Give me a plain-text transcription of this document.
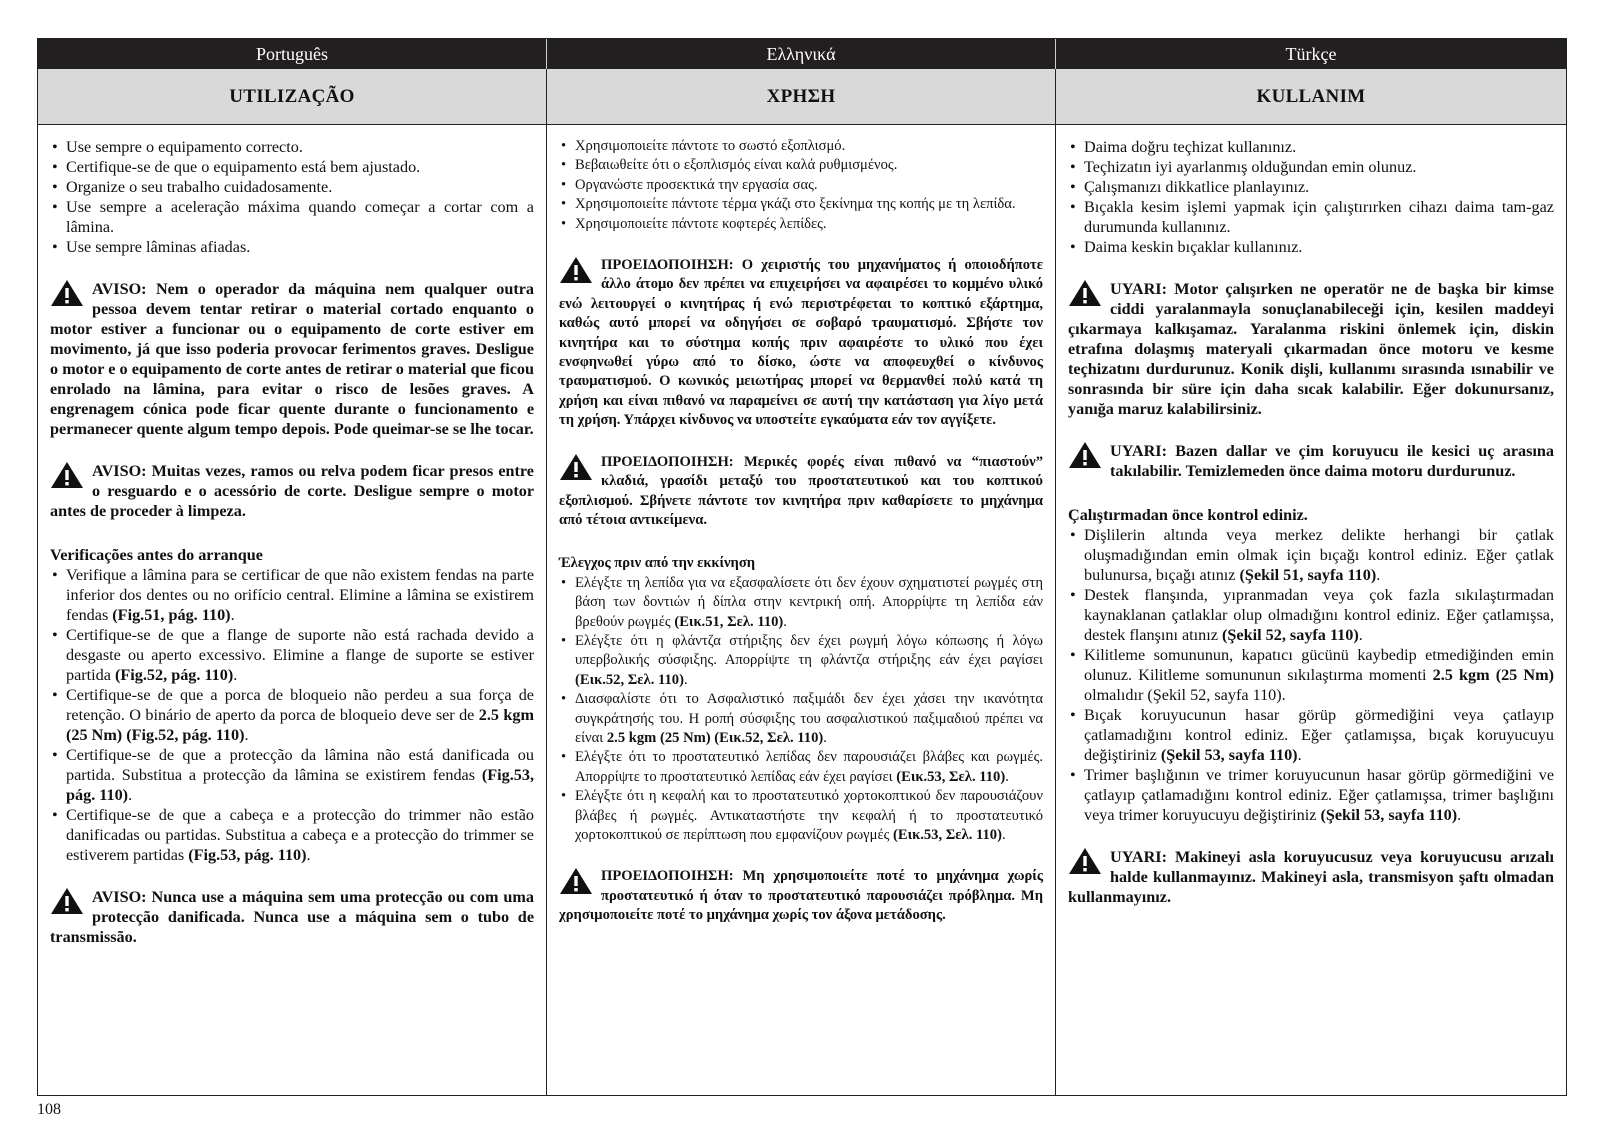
Português	Ελληνικά	Türkçe
UTILIZAÇÃO	ΧΡΗΣΗ	KULLANIM
• Use sempre o equipamento correcto.
• Certifique-se de que o equipamento está bem ajustado.
• Organize o seu trabalho cuidadosamente.
• Use sempre a aceleração máxima quando começar a cortar com a lâmina.
• Use sempre lâminas afiadas.
AVISO: Nem o operador da máquina nem qualquer outra pessoa devem tentar retirar o material cortado enquanto o motor estiver a funcionar ou o equipamento de corte estiver em movimento, já que isso poderia provocar ferimentos graves. Desligue o motor e o equipamento de corte antes de retirar o material que ficou enrolado na lâmina, para evitar o risco de lesões graves. A engrenagem cónica pode ficar quente durante o funcionamento e permanecer quente algum tempo depois. Pode queimar-se se lhe tocar.
AVISO: Muitas vezes, ramos ou relva podem ficar presos entre o resguardo e o acessório de corte. Desligue sempre o motor antes de proceder à limpeza.
Verificações antes do arranque
• Verifique a lâmina para se certificar de que não existem fendas na parte inferior dos dentes ou no orifício central. Elimine a lâmina se existirem fendas (Fig.51, pág. 110).
• Certifique-se de que a flange de suporte não está rachada devido a desgaste ou aperto excessivo. Elimine a flange de suporte se estiver partida (Fig.52, pág. 110).
• Certifique-se de que a porca de bloqueio não perdeu a sua força de retenção. O binário de aperto da porca de bloqueio deve ser de 2.5 kgm (25 Nm) (Fig.52, pág. 110).
• Certifique-se de que a protecção da lâmina não está danificada ou partida. Substitua a protecção da lâmina se existirem fendas (Fig.53, pág. 110).
• Certifique-se de que a cabeça e a protecção do trimmer não estão danificadas ou partidas. Substitua a cabeça e a protecção do trimmer se estiverem partidas (Fig.53, pág. 110).
AVISO: Nunca use a máquina sem uma protecção ou com uma protecção danificada. Nunca use a máquina sem o tubo de transmissão.
• Χρησιμοποιείτε πάντοτε το σωστό εξοπλισμό.
• Βεβαιωθείτε ότι ο εξοπλισμός είναι καλά ρυθμισμένος.
• Οργανώστε προσεκτικά την εργασία σας.
• Χρησιμοποιείτε πάντοτε τέρμα γκάζι στο ξεκίνημα της κοπής με τη λεπίδα.
• Χρησιμοποιείτε πάντοτε κοφτερές λεπίδες.
ΠΡΟΕΙΔΟΠΟΙΗΣΗ: Ο χειριστής του μηχανήματος ή οποιοδήποτε άλλο άτομο δεν πρέπει να επιχειρήσει να αφαιρέσει το κομμένο υλικό ενώ λειτουργεί ο κινητήρας ή ενώ περιστρέφεται το κοπτικό εξάρτημα, καθώς αυτό μπορεί να οδηγήσει σε σοβαρό τραυματισμό. Σβήστε τον κινητήρα και το σύστημα κοπής πριν αφαιρέστε το υλικό που έχει ενσφηνωθεί γύρω από το δίσκο, ώστε να αποφευχθεί ο κίνδυνος τραυματισμού. Ο κωνικός μειωτήρας μπορεί να θερμανθεί πολύ κατά τη χρήση και είναι πιθανό να παραμείνει σε αυτή την κατάσταση για λίγο μετά τη χρήση. Υπάρχει κίνδυνος να υποστείτε εγκαύματα εάν τον αγγίξετε.
ΠΡΟΕΙΔΟΠΟΙΗΣΗ: Μερικές φορές είναι πιθανό να “πιαστούν” κλαδιά, γρασίδι μεταξύ του προστατευτικού και του κοπτικού εξοπλισμού. Σβήνετε πάντοτε τον κινητήρα πριν καθαρίσετε το μηχάνημα από τέτοια αντικείμενα.
Έλεγχος πριν από την εκκίνηση
• Ελέγξτε τη λεπίδα για να εξασφαλίσετε ότι δεν έχουν σχηματιστεί ρωγμές στη βάση των δοντιών ή δίπλα στην κεντρική οπή. Απορρίψτε τη λεπίδα εάν βρεθούν ρωγμές (Εικ.51, Σελ. 110).
• Ελέγξτε ότι η φλάντζα στήριξης δεν έχει ρωγμή λόγω κόπωσης ή λόγω υπερβολικής σύσφιξης. Απορρίψτε τη φλάντζα στήριξης εάν έχει ραγίσει (Εικ.52, Σελ. 110).
• Διασφαλίστε ότι το Ασφαλιστικό παξιμάδι δεν έχει χάσει την ικανότητα συγκράτησής του. Η ροπή σύσφιξης του ασφαλιστικού παξιμαδιού πρέπει να είναι 2.5 kgm (25 Nm) (Εικ.52, Σελ. 110).
• Ελέγξτε ότι το προστατευτικό λεπίδας δεν παρουσιάζει βλάβες και ρωγμές. Απορρίψτε το προστατευτικό λεπίδας εάν έχει ραγίσει (Εικ.53, Σελ. 110).
• Ελέγξτε ότι η κεφαλή και το προστατευτικό χορτοκοπτικού δεν παρουσιάζουν βλάβες ή ρωγμές. Αντικαταστήστε την κεφαλή ή το προστατευτικό χορτοκοπτικού σε περίπτωση που εμφανίζουν ρωγμές (Εικ.53, Σελ. 110).
ΠΡΟΕΙΔΟΠΟΙΗΣΗ: Μη χρησιμοποιείτε ποτέ το μηχάνημα χωρίς προστατευτικό ή όταν το προστατευτικό παρουσιάζει πρόβλημα. Μη χρησιμοποιείτε ποτέ το μηχάνημα χωρίς τον άξονα μετάδοσης.
• Daima doğru teçhizat kullanınız.
• Teçhizatın iyi ayarlanmış olduğundan emin olunuz.
• Çalışmanızı dikkatlice planlayınız.
• Bıçakla kesim işlemi yapmak için çalıştırırken cihazı daima tam-gaz durumunda kullanınız.
• Daima keskin bıçaklar kullanınız.
UYARI: Motor çalışırken ne operatör ne de başka bir kimse ciddi yaralanmayla sonuçlanabileceği için, kesilen maddeyi çıkarmaya kalkışamaz. Yaralanma riskini önlemek için, diskin etrafına dolaşmış materyali çıkarmadan önce motoru ve kesme teçhizatını durdurunuz. Konik dişli, kullanımı sırasında ısınabilir ve sonrasında bir süre için daha sıcak kalabilir. Eğer dokunursanız, yanığa maruz kalabilirsiniz.
UYARI: Bazen dallar ve çim koruyucu ile kesici uç arasına takılabilir. Temizlemeden önce daima motoru durdurunuz.
Çalıştırmadan önce kontrol ediniz.
• Dişlilerin altında veya merkez delikte herhangi bir çatlak oluşmadığından emin olmak için bıçağı kontrol ediniz. Eğer çatlak bulunursa, bıçağı atınız (Şekil 51, sayfa 110).
• Destek flanşında, yıpranmadan veya çok fazla sıkılaştırmadan kaynaklanan çatlaklar olup olmadığını kontrol ediniz. Eğer çatlamışsa, destek flanşını atınız (Şekil 52, sayfa 110).
• Kilitleme somununun, kapatıcı gücünü kaybedip etmediğinden emin olunuz. Kilitleme somununun sıkılaştırma momenti 2.5 kgm (25 Nm) olmalıdır (Şekil 52, sayfa 110).
• Bıçak koruyucunun hasar görüp görmediğini veya çatlayıp çatlamadığını kontrol ediniz. Eğer çatlamışsa, bıçak koruyucuyu değiştiriniz (Şekil 53, sayfa 110).
• Trimer başlığının ve trimer koruyucunun hasar görüp görmediğini ve çatlayıp çatlamadığını kontrol ediniz. Eğer çatlamışsa, trimer başlığını veya trimer koruyucuyu değiştiriniz (Şekil 53, sayfa 110).
UYARI: Makineyi asla koruyucusuz veya koruyucusu arızalı halde kullanmayınız. Makineyi asla, transmisyon şaftı olmadan kullanmayınız.
108
